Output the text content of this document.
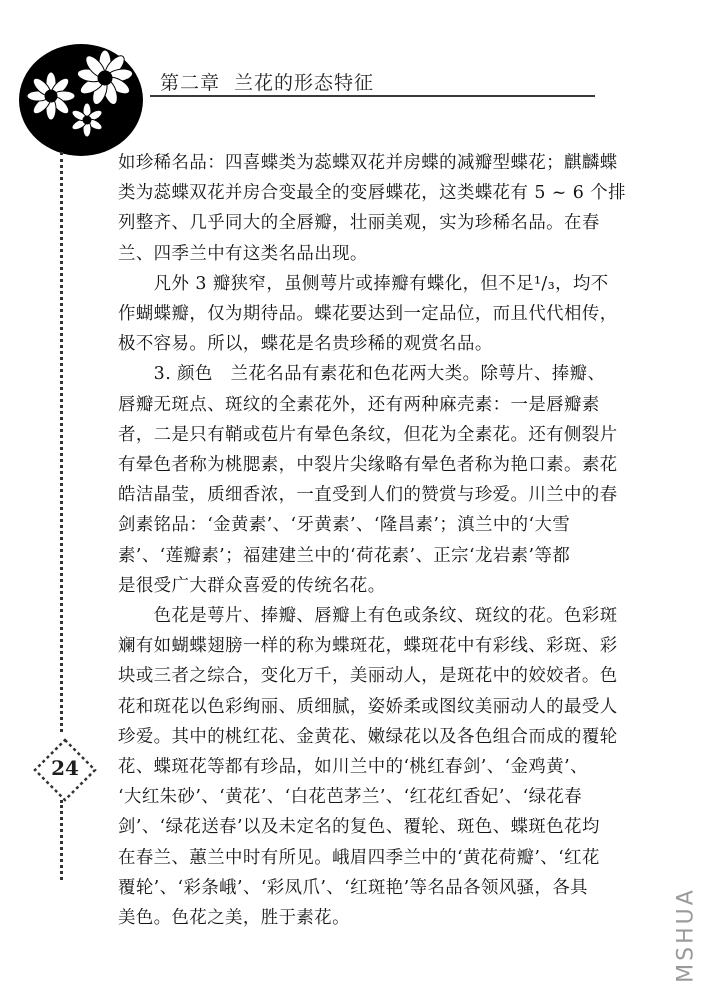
第二章 兰花的形态特征
24

如珍稀名品：四喜蝶类为蕊蝶双花并房蝶的减瓣型蝶花；麒麟蝶

类为蕊蝶双花并房合变最全的变唇蝶花，这类蝶花有 5 ~ 6 个排

列整齐、几乎同大的全唇瓣，壮丽美观，实为珍稀名品。在春

兰、四季兰中有这类名品出现。

　　凡外 3 瓣狭窄，虽侧萼片或捧瓣有蝶化，但不足¹/₃，均不

作蝴蝶瓣，仅为期待品。蝶花要达到一定品位，而且代代相传，

极不容易。所以，蝶花是名贵珍稀的观赏名品。

　　3. 颜色　兰花名品有素花和色花两大类。除萼片、捧瓣、

唇瓣无斑点、斑纹的全素花外，还有两种麻壳素：一是唇瓣素

者，二是只有鞘或苞片有晕色条纹，但花为全素花。还有侧裂片

有晕色者称为桃腮素，中裂片尖缘略有晕色者称为艳口素。素花

皓洁晶莹，质细香浓，一直受到人们的赞赏与珍爱。川兰中的春

剑素铭品：‘金黄素’、‘牙黄素’、‘隆昌素’；滇兰中的‘大雪

素’、‘莲瓣素’；福建建兰中的‘荷花素’、正宗‘龙岩素’等都

是很受广大群众喜爱的传统名花。

　　色花是萼片、捧瓣、唇瓣上有色或条纹、斑纹的花。色彩斑

斓有如蝴蝶翅膀一样的称为蝶斑花，蝶斑花中有彩线、彩斑、彩

块或三者之综合，变化万千，美丽动人，是斑花中的姣姣者。色

花和斑花以色彩绚丽、质细腻，姿娇柔或图纹美丽动人的最受人

珍爱。其中的桃红花、金黄花、嫩绿花以及各色组合而成的覆轮

花、蝶斑花等都有珍品，如川兰中的‘桃红春剑’、‘金鸡黄’、

‘大红朱砂’、‘黄花’、‘白花芭茅兰’、‘红花红香妃’、‘绿花春

剑’、‘绿花送春’以及未定名的复色、覆轮、斑色、蝶斑色花均

在春兰、蕙兰中时有所见。峨眉四季兰中的‘黄花荷瓣’、‘红花

覆轮’、‘彩条峨’、‘彩凤爪’、‘红斑艳’等名品各领风骚，各具

美色。色花之美，胜于素花。	MSHUA
